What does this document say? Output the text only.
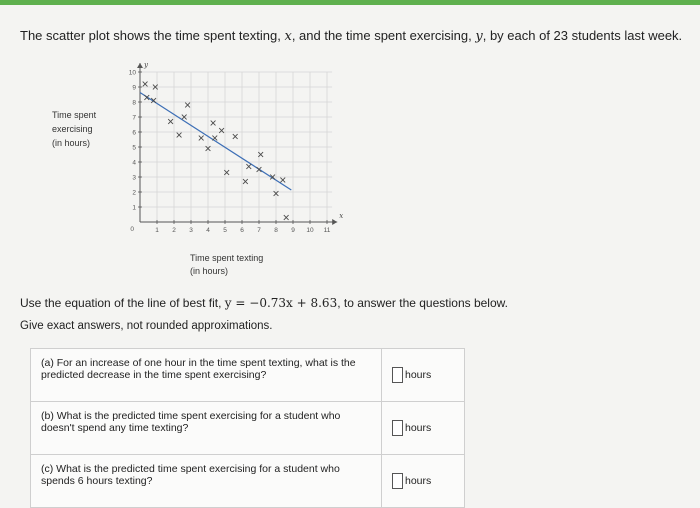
The scatter plot shows the time spent texting, x, and the time spent exercising, y, by each of 23 students last week.
x
y
1 2 3 4 5 6 7 8 9 10 11
1
2
3
4
5
6
7
8
9
10
0
Time spent
exercising
(in hours)
Time spent texting
(in hours)
Use the equation of the line of best fit, y = −0.73x + 8.63, to answer the questions below.
Give exact answers, not rounded approximations.
(a) For an increase of one hour in the time spent texting, what is the predicted decrease in the time spent exercising?	hours
(b) What is the predicted time spent exercising for a student who doesn't spend any time texting?	hours
(c) What is the predicted time spent exercising for a student who spends 6 hours texting?	hours
